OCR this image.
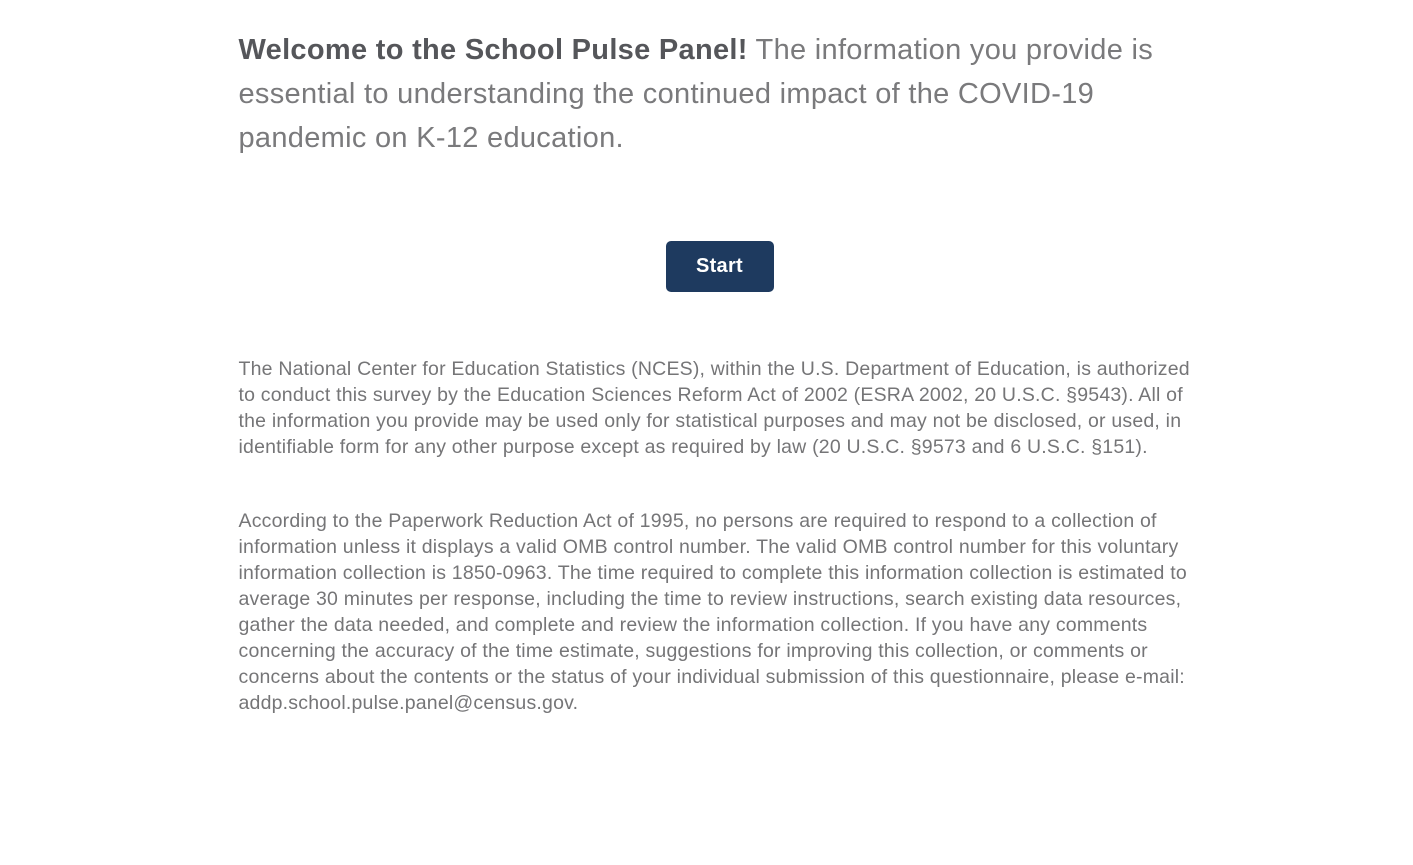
Welcome to the School Pulse Panel! The information you provide is essential to understanding the continued impact of the COVID-19 pandemic on K-12 education.
Start

The National Center for Education Statistics (NCES), within the U.S. Department of Education, is authorized to conduct this survey by the Education Sciences Reform Act of 2002 (ESRA 2002, 20 U.S.C. §9543). All of the information you provide may be used only for statistical purposes and may not be disclosed, or used, in identifiable form for any other purpose except as required by law (20 U.S.C. §9573 and 6 U.S.C. §151).

According to the Paperwork Reduction Act of 1995, no persons are required to respond to a collection of information unless it displays a valid OMB control number. The valid OMB control number for this voluntary information collection is 1850-0963. The time required to complete this information collection is estimated to average 30 minutes per response, including the time to review instructions, search existing data resources, gather the data needed, and complete and review the information collection. If you have any comments concerning the accuracy of the time estimate, suggestions for improving this collection, or comments or concerns about the contents or the status of your individual submission of this questionnaire, please e-mail: addp.school.pulse.panel@census.gov.
